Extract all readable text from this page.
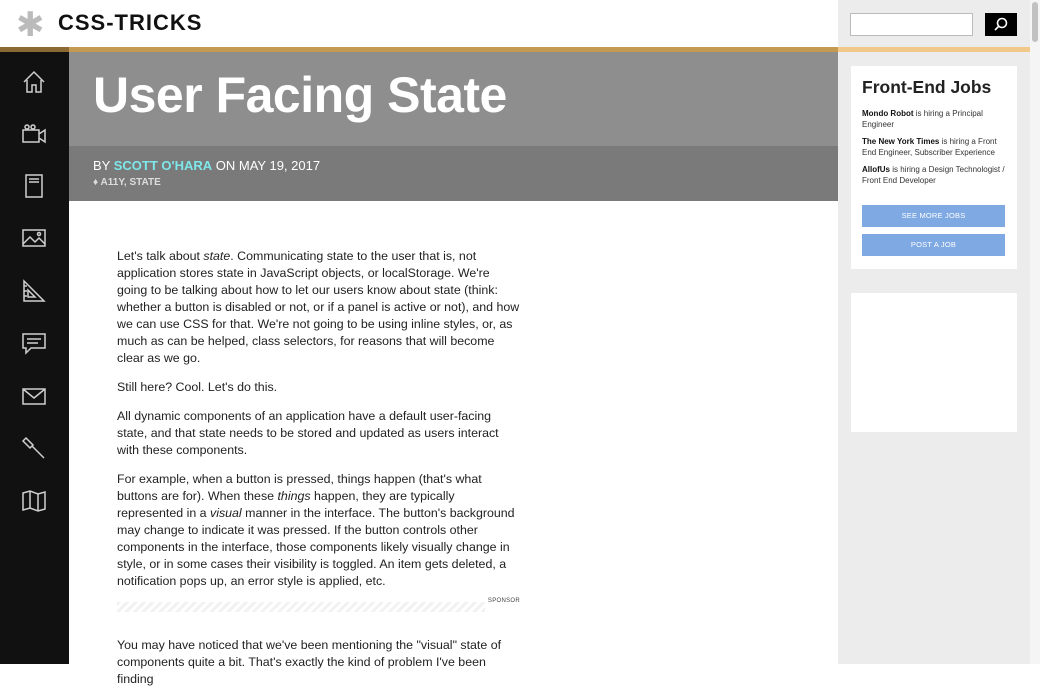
✱ CSS-TRICKS
User Facing State
BY SCOTT O'HARA ON MAY 19, 2017
♦ A11Y, STATE

Let's talk about state. Communicating state to the user that is, not application stores state in JavaScript objects, or localStorage. We're going to be talking about how to let our users know about state (think: whether a button is disabled or not, or if a panel is active or not), and how we can use CSS for that. We're not going to be using inline styles, or, as much as can be helped, class selectors, for reasons that will become clear as we go.

Still here? Cool. Let's do this.

All dynamic components of an application have a default user-facing state, and that state needs to be stored and updated as users interact with these components.

For example, when a button is pressed, things happen (that's what buttons are for). When these things happen, they are typically represented in a visual manner in the interface. The button's background may change to indicate it was pressed. If the button controls other components in the interface, those components likely visually change in style, or in some cases their visibility is toggled. An item gets deleted, a notification pops up, an error style is applied, etc.

SPONSOR
You may have noticed that we've been mentioning the "visual" state of components quite a bit. That's exactly the kind of problem I've been finding
Front-End Jobs
Mondo Robot is hiring a Principal Engineer
The New York Times is hiring a Front End Engineer, Subscriber Experience
AllofUs is hiring a Design Technologist / Front End Developer
SEE MORE JOBS
POST A JOB
